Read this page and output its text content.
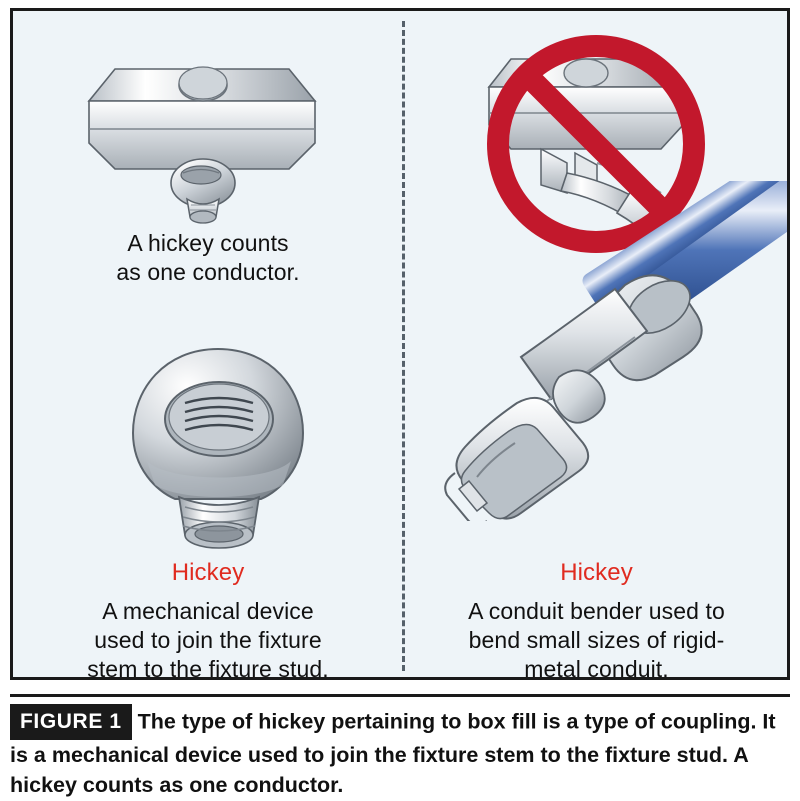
A hickey counts
as one conductor.
Hickey
A mechanical device
used to join the fixture
stem to the fixture stud.
Hickey
A conduit bender used to
bend small sizes of rigid-
metal conduit.
FIGURE 1 The type of hickey pertaining to box fill is a type of coupling. It is a mechanical device used to join the fixture stem to the fixture stud. A hickey counts as one conductor.
